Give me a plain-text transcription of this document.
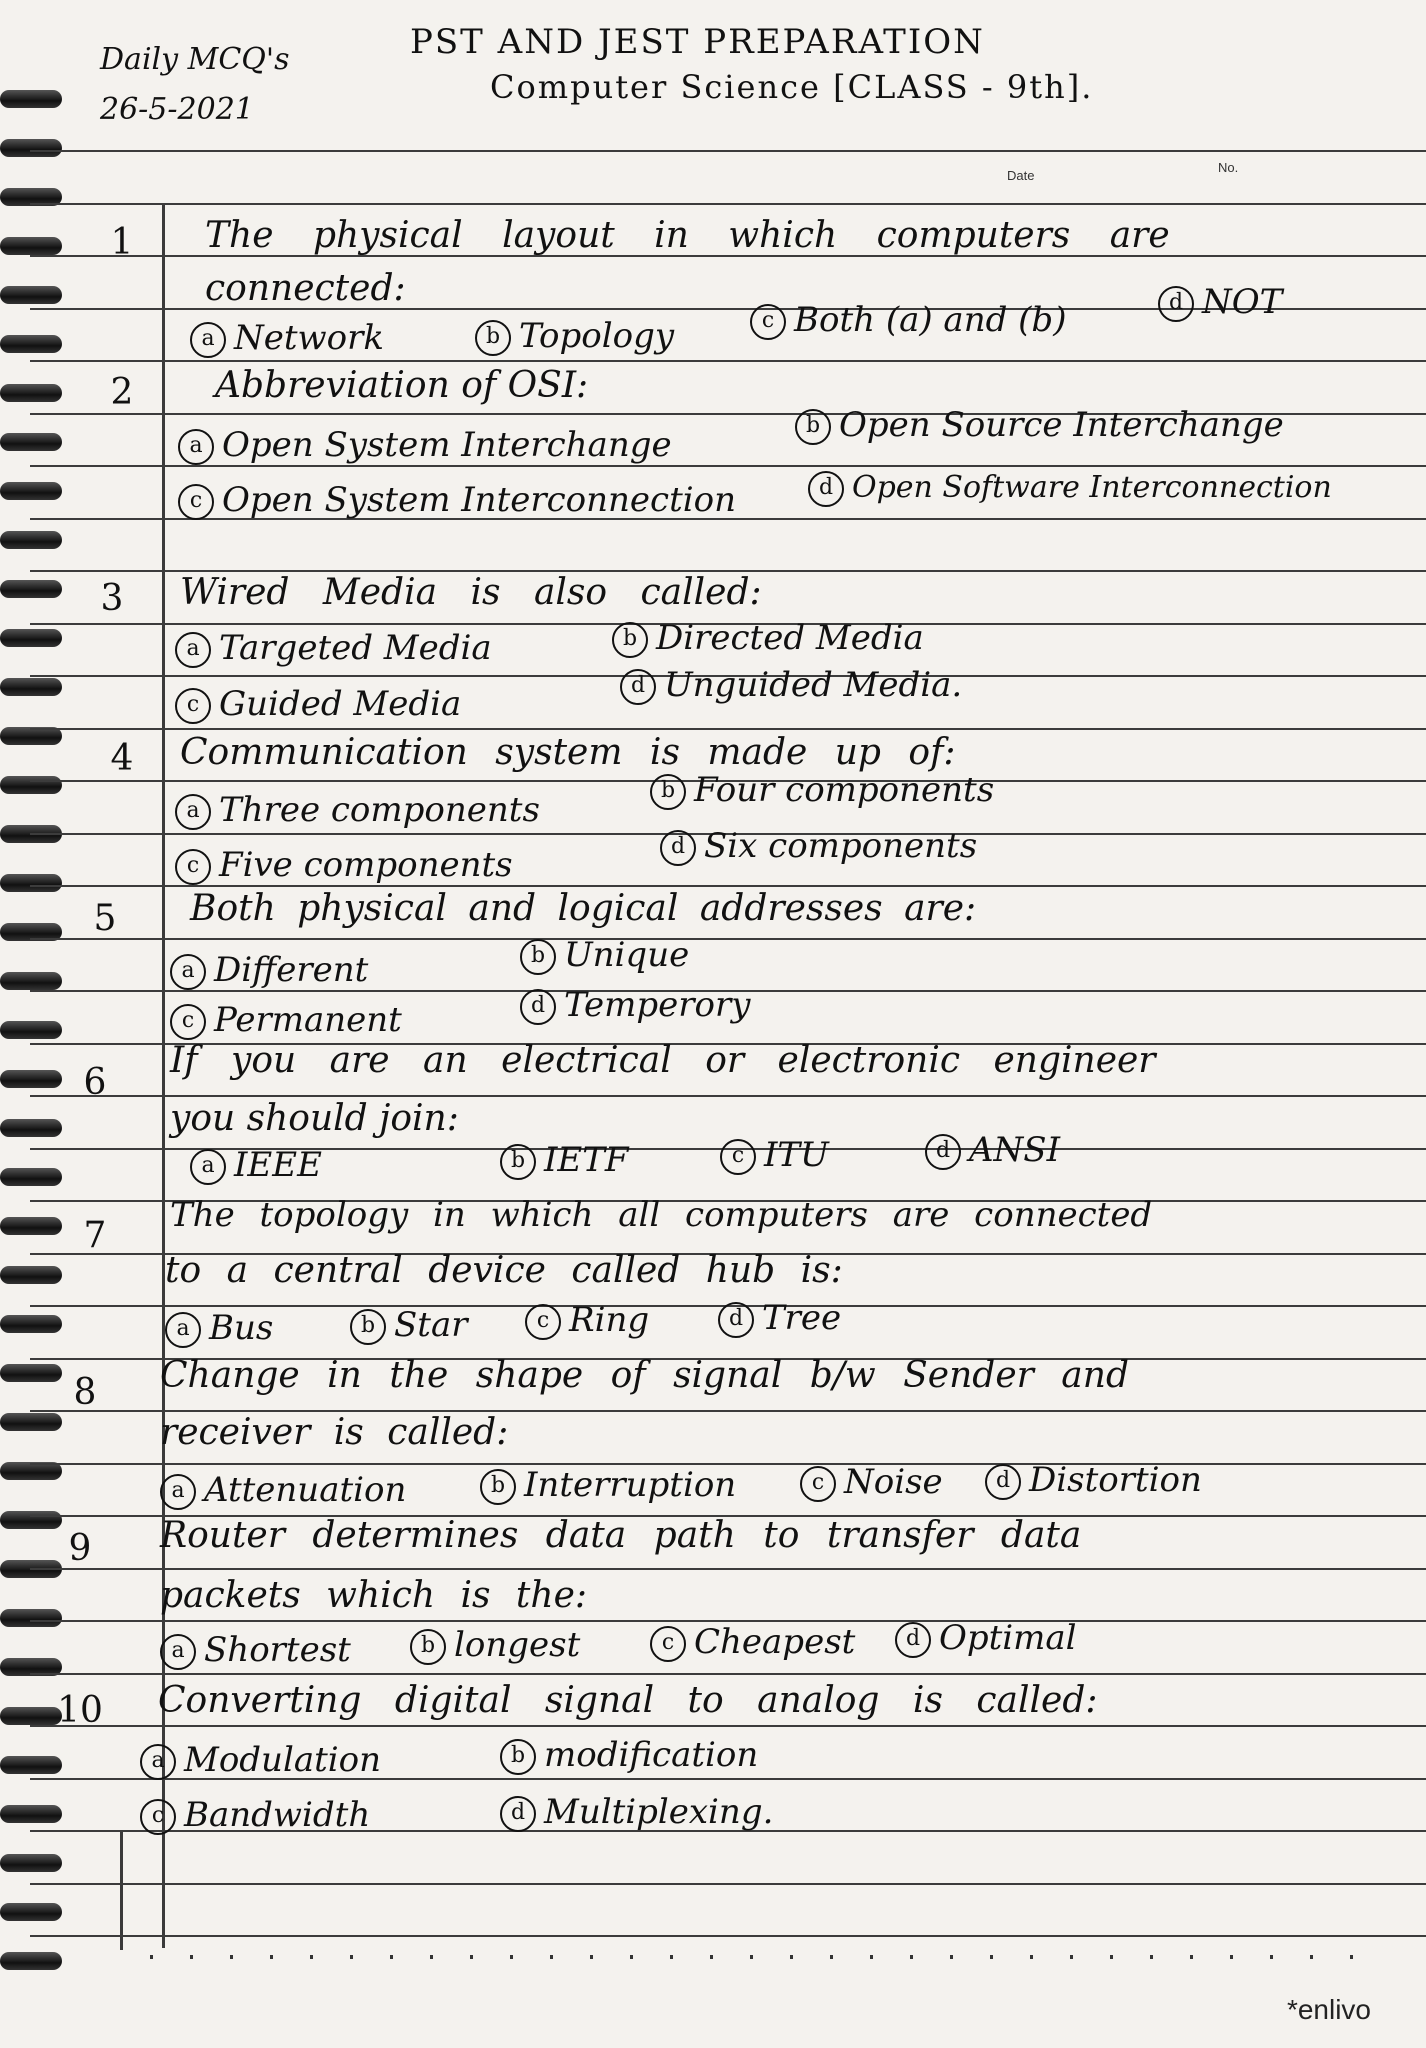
Daily MCQ's
26-5-2021
PST AND JEST PREPARATION
Computer Science [CLASS - 9th].
Date
No.
1	The physical layout in which computers are
connected:
a Network	b Topology	c Both (a) and (b)	d NOT
2	Abbreviation of OSI:
a Open System Interchange	b Open Source Interchange
c Open System Interconnection	d Open Software Interconnection
3	Wired Media is also called:
a Targeted Media	b Directed Media
c Guided Media	d Unguided Media.
4	Communication system is made up of:
a Three components	b Four components
c Five components	d Six components
5	Both physical and logical addresses are:
a Different	b Unique
c Permanent	d Temperory
6
If you are an electrical or electronic engineer
you should join:
a IEEE	b IETF	c ITU	d ANSI
7	The topology in which all computers are connected
to a central device called hub is:
a Bus	b Star	c Ring	d Tree
8	Change in the shape of signal b/w Sender and
receiver is called:
a Attenuation	b Interruption	c Noise	d Distortion
9	Router determines data path to transfer data
packets which is the:
a Shortest	b longest	c Cheapest	d Optimal
10 Converting digital signal to analog is called:
a Modulation	b modification
c Bandwidth	d Multiplexing.
*enlivo
